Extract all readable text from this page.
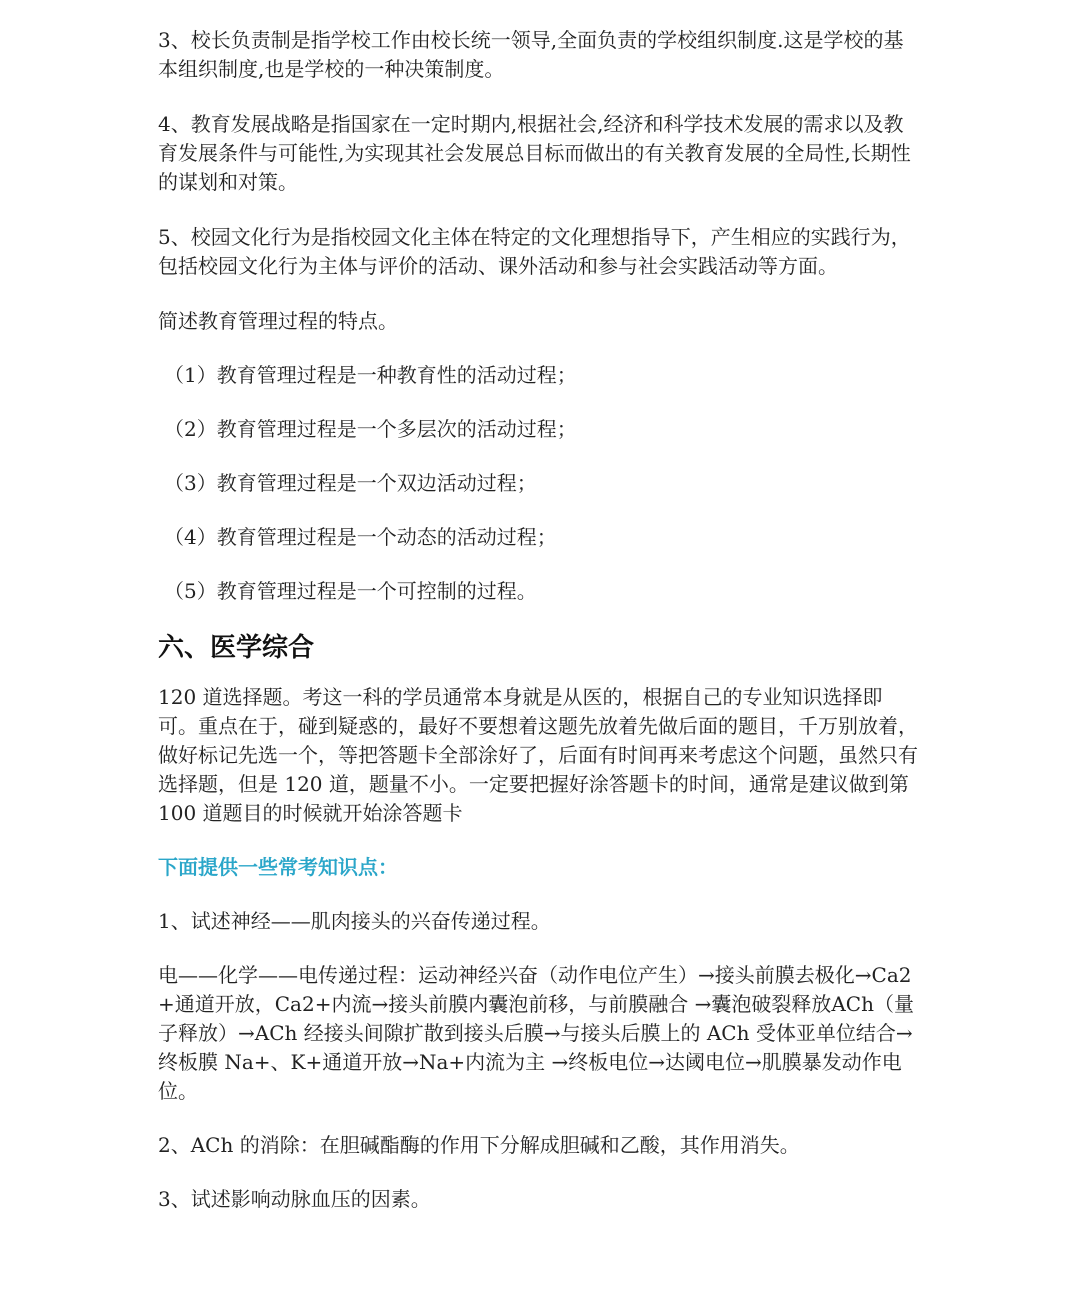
3、校长负责制是指学校工作由校长统一领导,全面负责的学校组织制度.这是学校的基本组织制度,也是学校的一种决策制度。

4、教育发展战略是指国家在一定时期内,根据社会,经济和科学技术发展的需求以及教育发展条件与可能性,为实现其社会发展总目标而做出的有关教育发展的全局性,长期性的谋划和对策。

5、校园文化行为是指校园文化主体在特定的文化理想指导下，产生相应的实践行为，包括校园文化行为主体与评价的活动、课外活动和参与社会实践活动等方面。

简述教育管理过程的特点。

（1）教育管理过程是一种教育性的活动过程；

（2）教育管理过程是一个多层次的活动过程；

（3）教育管理过程是一个双边活动过程；

（4）教育管理过程是一个动态的活动过程；

（5）教育管理过程是一个可控制的过程。

六、医学综合

120 道选择题。考这一科的学员通常本身就是从医的，根据自己的专业知识选择即可。重点在于，碰到疑惑的，最好不要想着这题先放着先做后面的题目，千万别放着，做好标记先选一个，等把答题卡全部涂好了，后面有时间再来考虑这个问题，虽然只有选择题，但是 120 道，题量不小。一定要把握好涂答题卡的时间，通常是建议做到第 100 道题目的时候就开始涂答题卡

下面提供一些常考知识点：

1、试述神经——肌肉接头的兴奋传递过程。

电——化学——电传递过程：运动神经兴奋（动作电位产生）→接头前膜去极化→Ca2+通道开放，Ca2+内流→接头前膜内囊泡前移，与前膜融合 →囊泡破裂释放ACh（量子释放）→ACh 经接头间隙扩散到接头后膜→与接头后膜上的 ACh 受体亚单位结合→终板膜 Na+、K+通道开放→Na+内流为主 →终板电位→达阈电位→肌膜暴发动作电位。

2、ACh 的消除：在胆碱酯酶的作用下分解成胆碱和乙酸，其作用消失。

3、试述影响动脉血压的因素。
